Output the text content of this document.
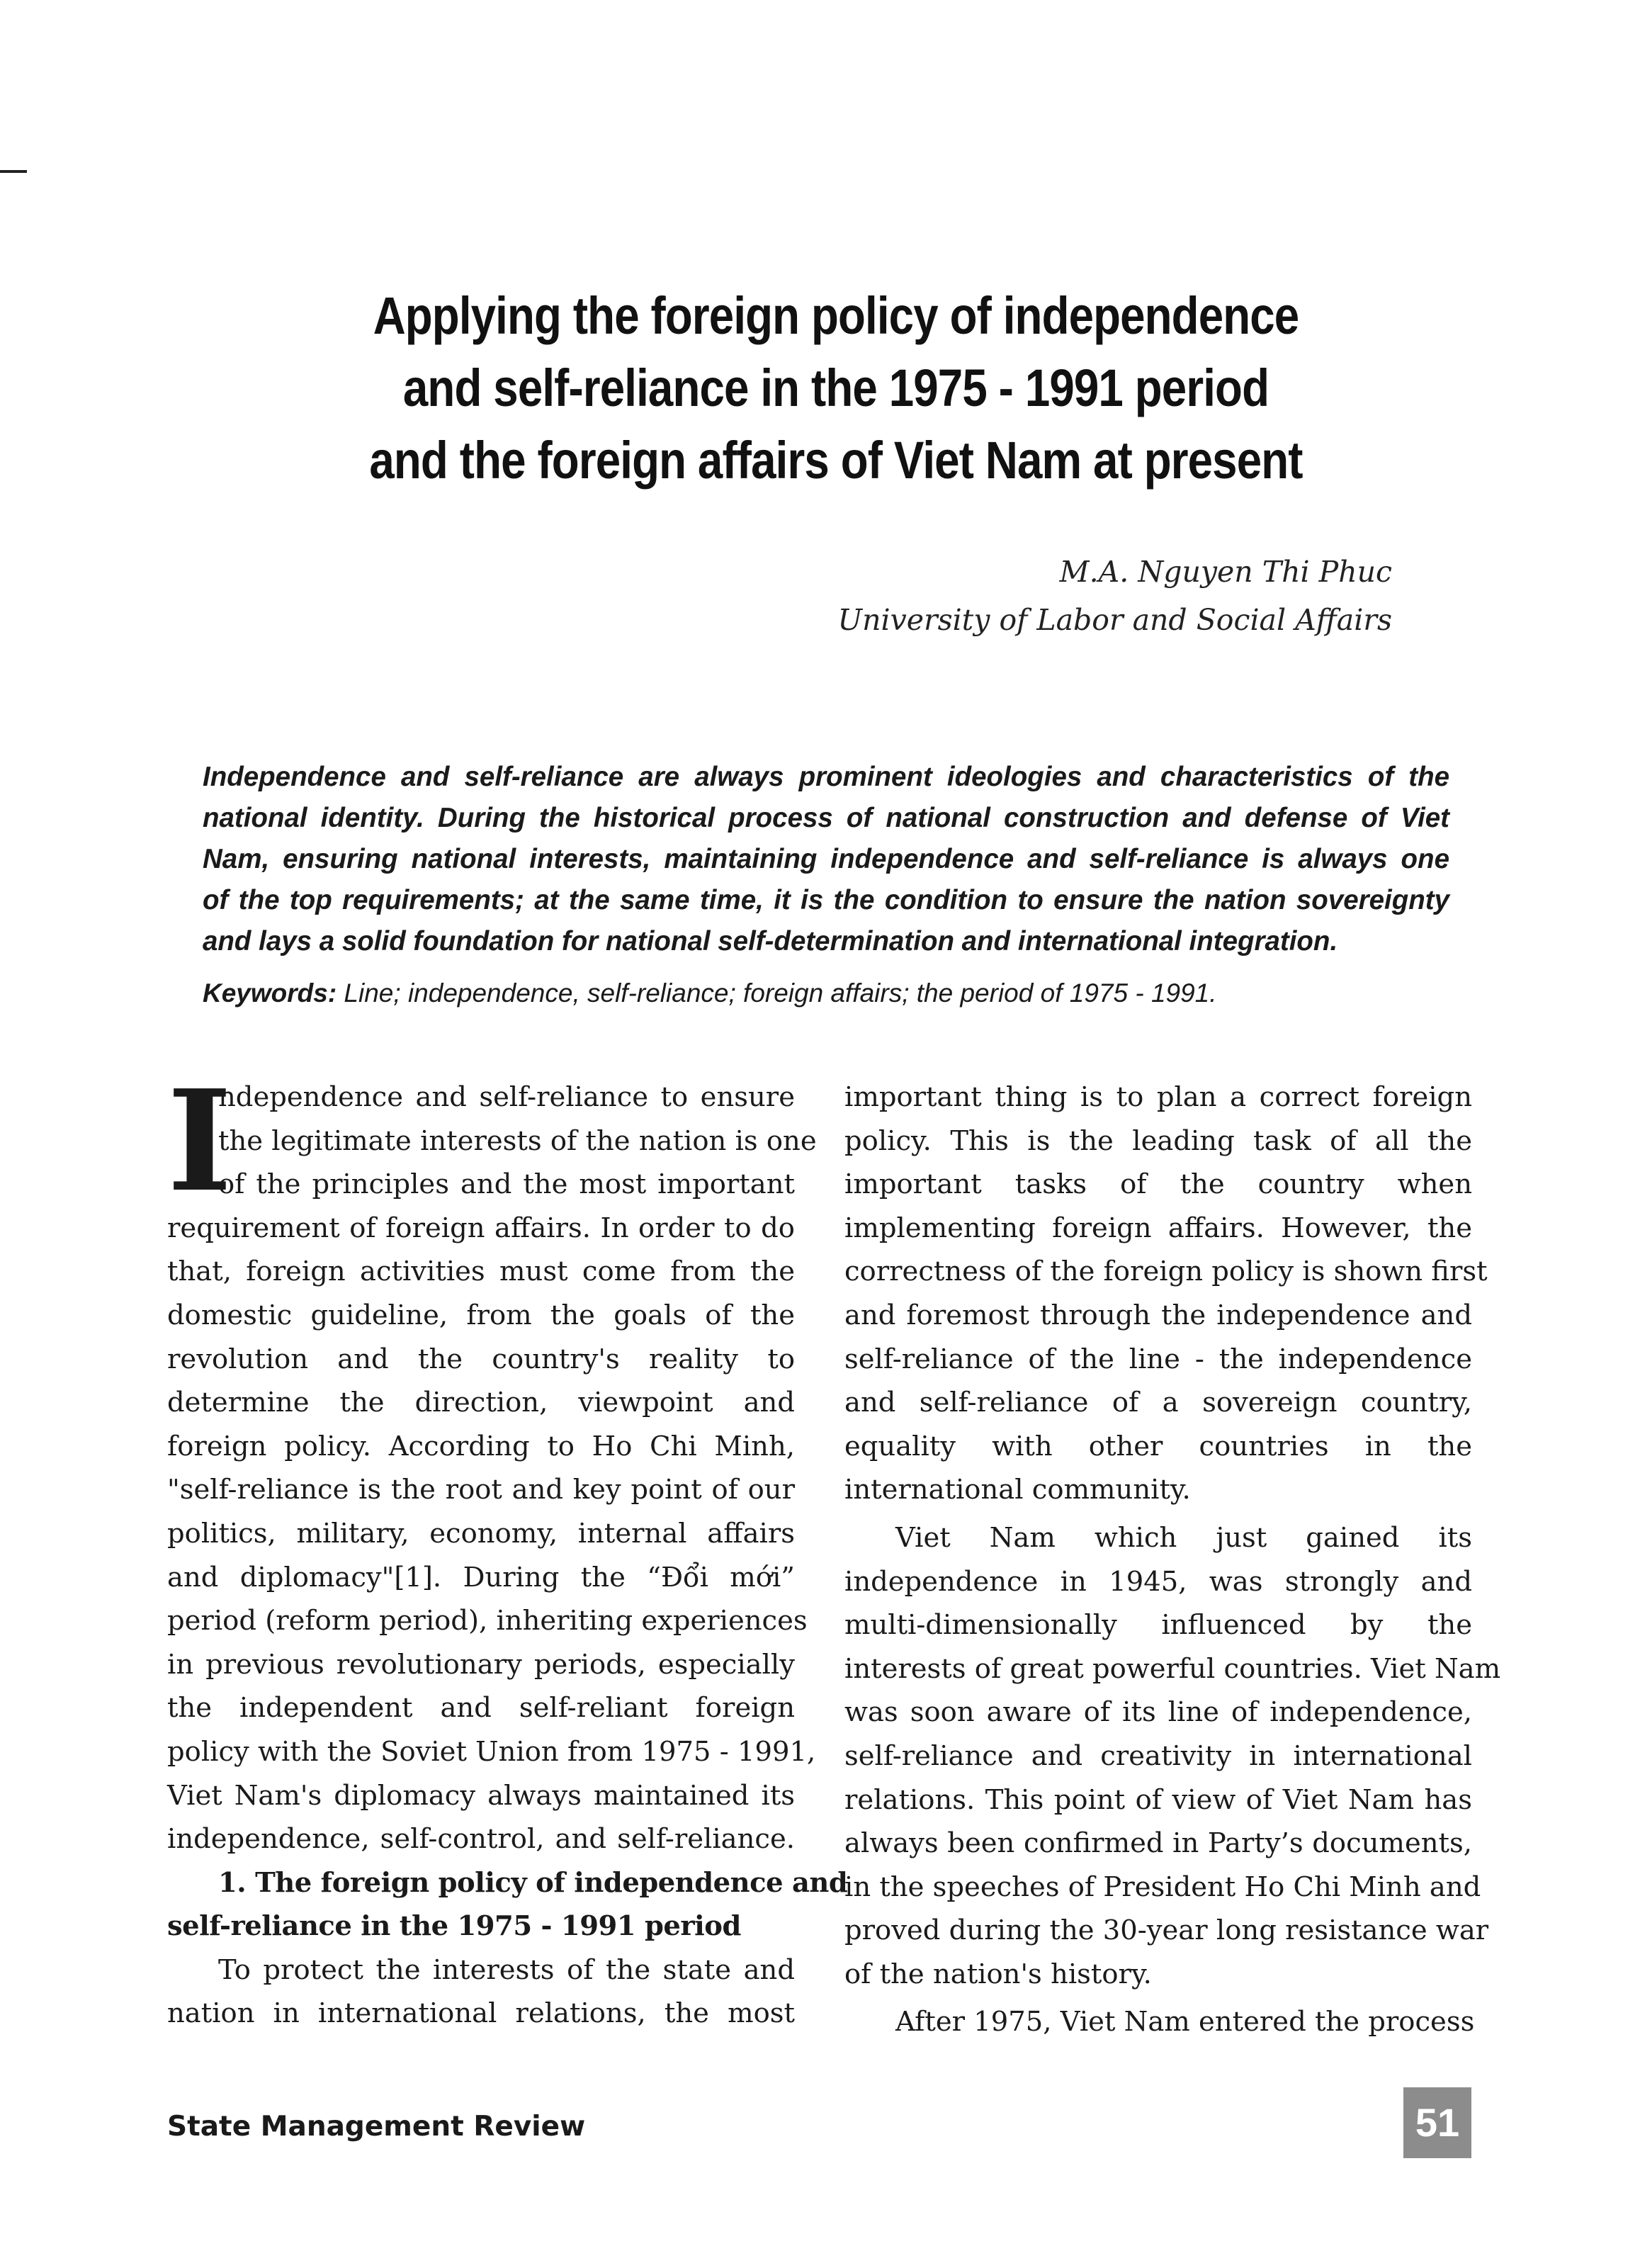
Applying the foreign policy of independence
and self-reliance in the 1975 - 1991 period
and the foreign affairs of Viet Nam at present
M.A. Nguyen Thi Phuc
University of Labor and Social Affairs
Independence and self-reliance are always prominent ideologies and characteristics of the
national identity. During the historical process of national construction and defense of Viet
Nam, ensuring national interests, maintaining independence and self-reliance is always one
of the top requirements; at the same time, it is the condition to ensure the nation sovereignty
and lays a solid foundation for national self-determination and international integration.
Keywords: Line; independence, self-reliance; foreign affairs; the period of 1975 - 1991.
I
ndependence and self-reliance to ensure
the legitimate interests of the nation is one
of the principles and the most important
requirement of foreign affairs. In order to do
that, foreign activities must come from the
domestic guideline, from the goals of the
revolution and the country's reality to
determine the direction, viewpoint and
foreign policy. According to Ho Chi Minh,
"self-reliance is the root and key point of our
politics, military, economy, internal affairs
and diplomacy"[1]. During the “Đổi mới”
period (reform period), inheriting experiences
in previous revolutionary periods, especially
the independent and self-reliant foreign
policy with the Soviet Union from 1975 - 1991,
Viet Nam's diplomacy always maintained its
independence, self-control, and self-reliance.
1. The foreign policy of independence and
self-reliance in the 1975 - 1991 period
To protect the interests of the state and
nation in international relations, the most
important thing is to plan a correct foreign
policy. This is the leading task of all the
important tasks of the country when
implementing foreign affairs. However, the
correctness of the foreign policy is shown first
and foremost through the independence and
self-reliance of the line - the independence
and self-reliance of a sovereign country,
equality with other countries in the
international community.
Viet Nam which just gained its
independence in 1945, was strongly and
multi-dimensionally influenced by the
interests of great powerful countries. Viet Nam
was soon aware of its line of independence,
self-reliance and creativity in international
relations. This point of view of Viet Nam has
always been confirmed in Party’s documents,
in the speeches of President Ho Chi Minh and
proved during the 30-year long resistance war
of the nation's history.
After 1975, Viet Nam entered the process
State Management Review	51
